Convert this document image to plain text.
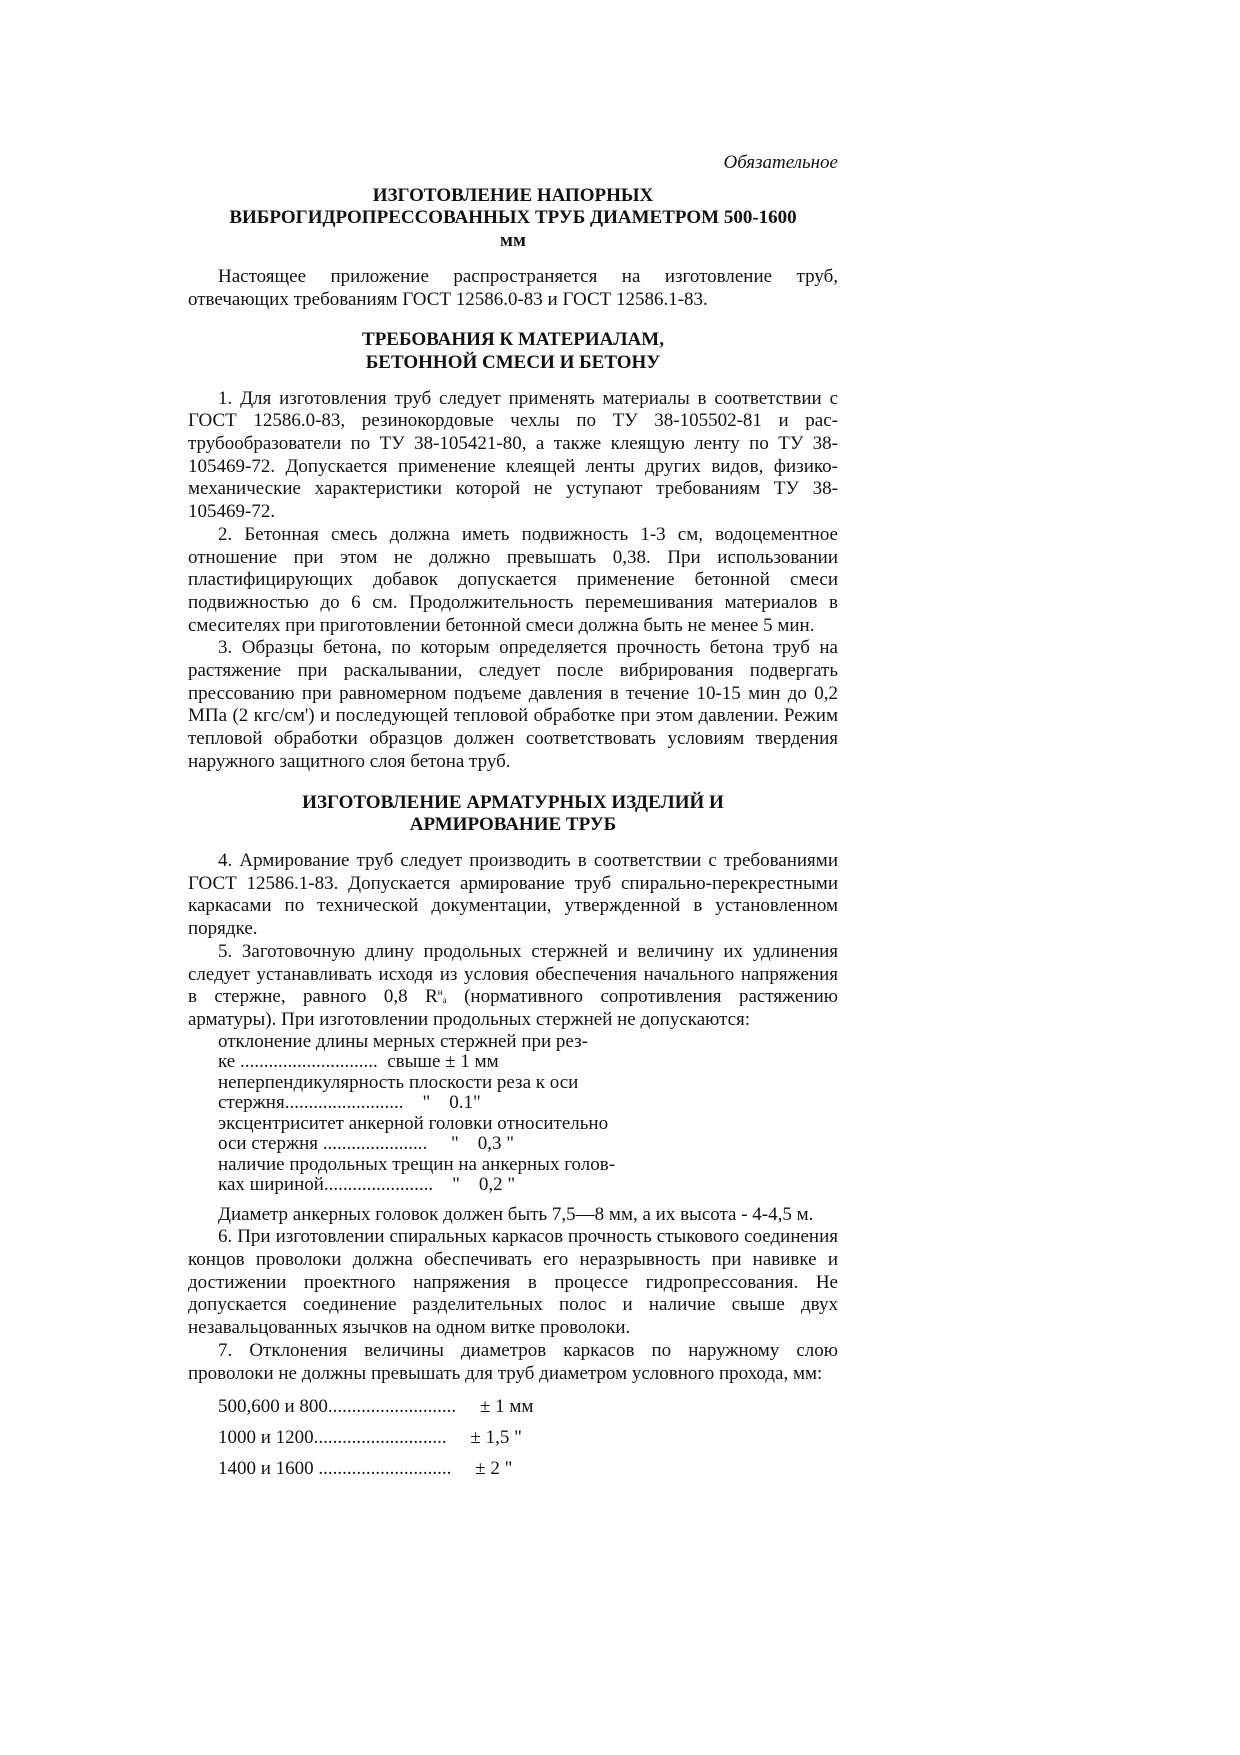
Обязательное
ИЗГОТОВЛЕНИЕ НАПОРНЫХ
ВИБРОГИДРОПРЕССОВАННЫХ ТРУБ ДИАМЕТРОМ 500-1600
мм

Настоящее приложение распространяется на изготовление труб, отвечающих требованиям ГОСТ 12586.0-83 и ГОСТ 12586.1-83.

ТРЕБОВАНИЯ К МАТЕРИАЛАМ,
БЕТОННОЙ СМЕСИ И БЕТОНУ

1. Для изготовления труб следует применять материалы в соответствии с ГОСТ 12586.0-83, резинокордовые чехлы по ТУ 38-105502-81 и рас-трубообразователи по ТУ 38-105421-80, а также клеящую ленту по ТУ 38-105469-72. Допускается применение клеящей ленты других видов, физико-механические характеристики которой не уступают требованиям ТУ 38-105469-72.

2. Бетонная смесь должна иметь подвижность 1-3 см, водоцементное отношение при этом не должно превышать 0,38. При использовании пластифицирующих добавок допускается применение бетонной смеси подвижностью до 6 см. Продолжительность перемешивания материалов в смесителях при приготовлении бетонной смеси должна быть не менее 5 мин.

3. Образцы бетона, по которым определяется прочность бетона труб на растяжение при раскалывании, следует после вибрирования подвергать прессованию при равномерном подъеме давления в течение 10-15 мин до 0,2 МПа (2 кгс/см') и последующей тепловой обработке при этом давлении. Режим тепловой обработки образцов должен соответствовать условиям твердения наружного защитного слоя бетона труб.

ИЗГОТОВЛЕНИЕ АРМАТУРНЫХ ИЗДЕЛИЙ И
АРМИРОВАНИЕ ТРУБ

4. Армирование труб следует производить в соответствии с требованиями ГОСТ 12586.1-83. Допускается армирование труб спирально-перекрестными каркасами по технической документации, утвержденной в установленном порядке.

5. Заготовочную длину продольных стержней и величину их удлинения следует устанавливать исходя из условия обеспечения начального напряжения в стержне, равного 0,8 $R^н_a$ (нормативного сопротивления растяжению арматуры). При изготовлении продольных стержней не допускаются:

отклонение длины мерных стержней при рез-
ке .............................  свыше ± 1 мм
неперпендикулярность плоскости реза к оси
стержня.........................    "    0.1"
эксцентриситет анкерной головки относительно
оси стержня ......................     "    0,3 "
наличие продольных трещин на анкерных голов-
ках шириной.......................    "    0,2 "

Диаметр анкерных головок должен быть 7,5—8 мм, а их высота - 4-4,5 м.

6. При изготовлении спиральных каркасов прочность стыкового соединения концов проволоки должна обеспечивать его неразрывность при навивке и достижении проектного напряжения в процессе гидропрессования. Не допускается соединение разделительных полос и наличие свыше двух незавальцованных язычков на одном витке проволоки.

7. Отклонения величины диаметров каркасов по наружному слою проволоки не должны превышать для труб диаметром условного прохода, мм:

500,600 и 800...........................     ± 1 мм
1000 и 1200............................     ± 1,5 "
1400 и 1600 ............................     ± 2 "
